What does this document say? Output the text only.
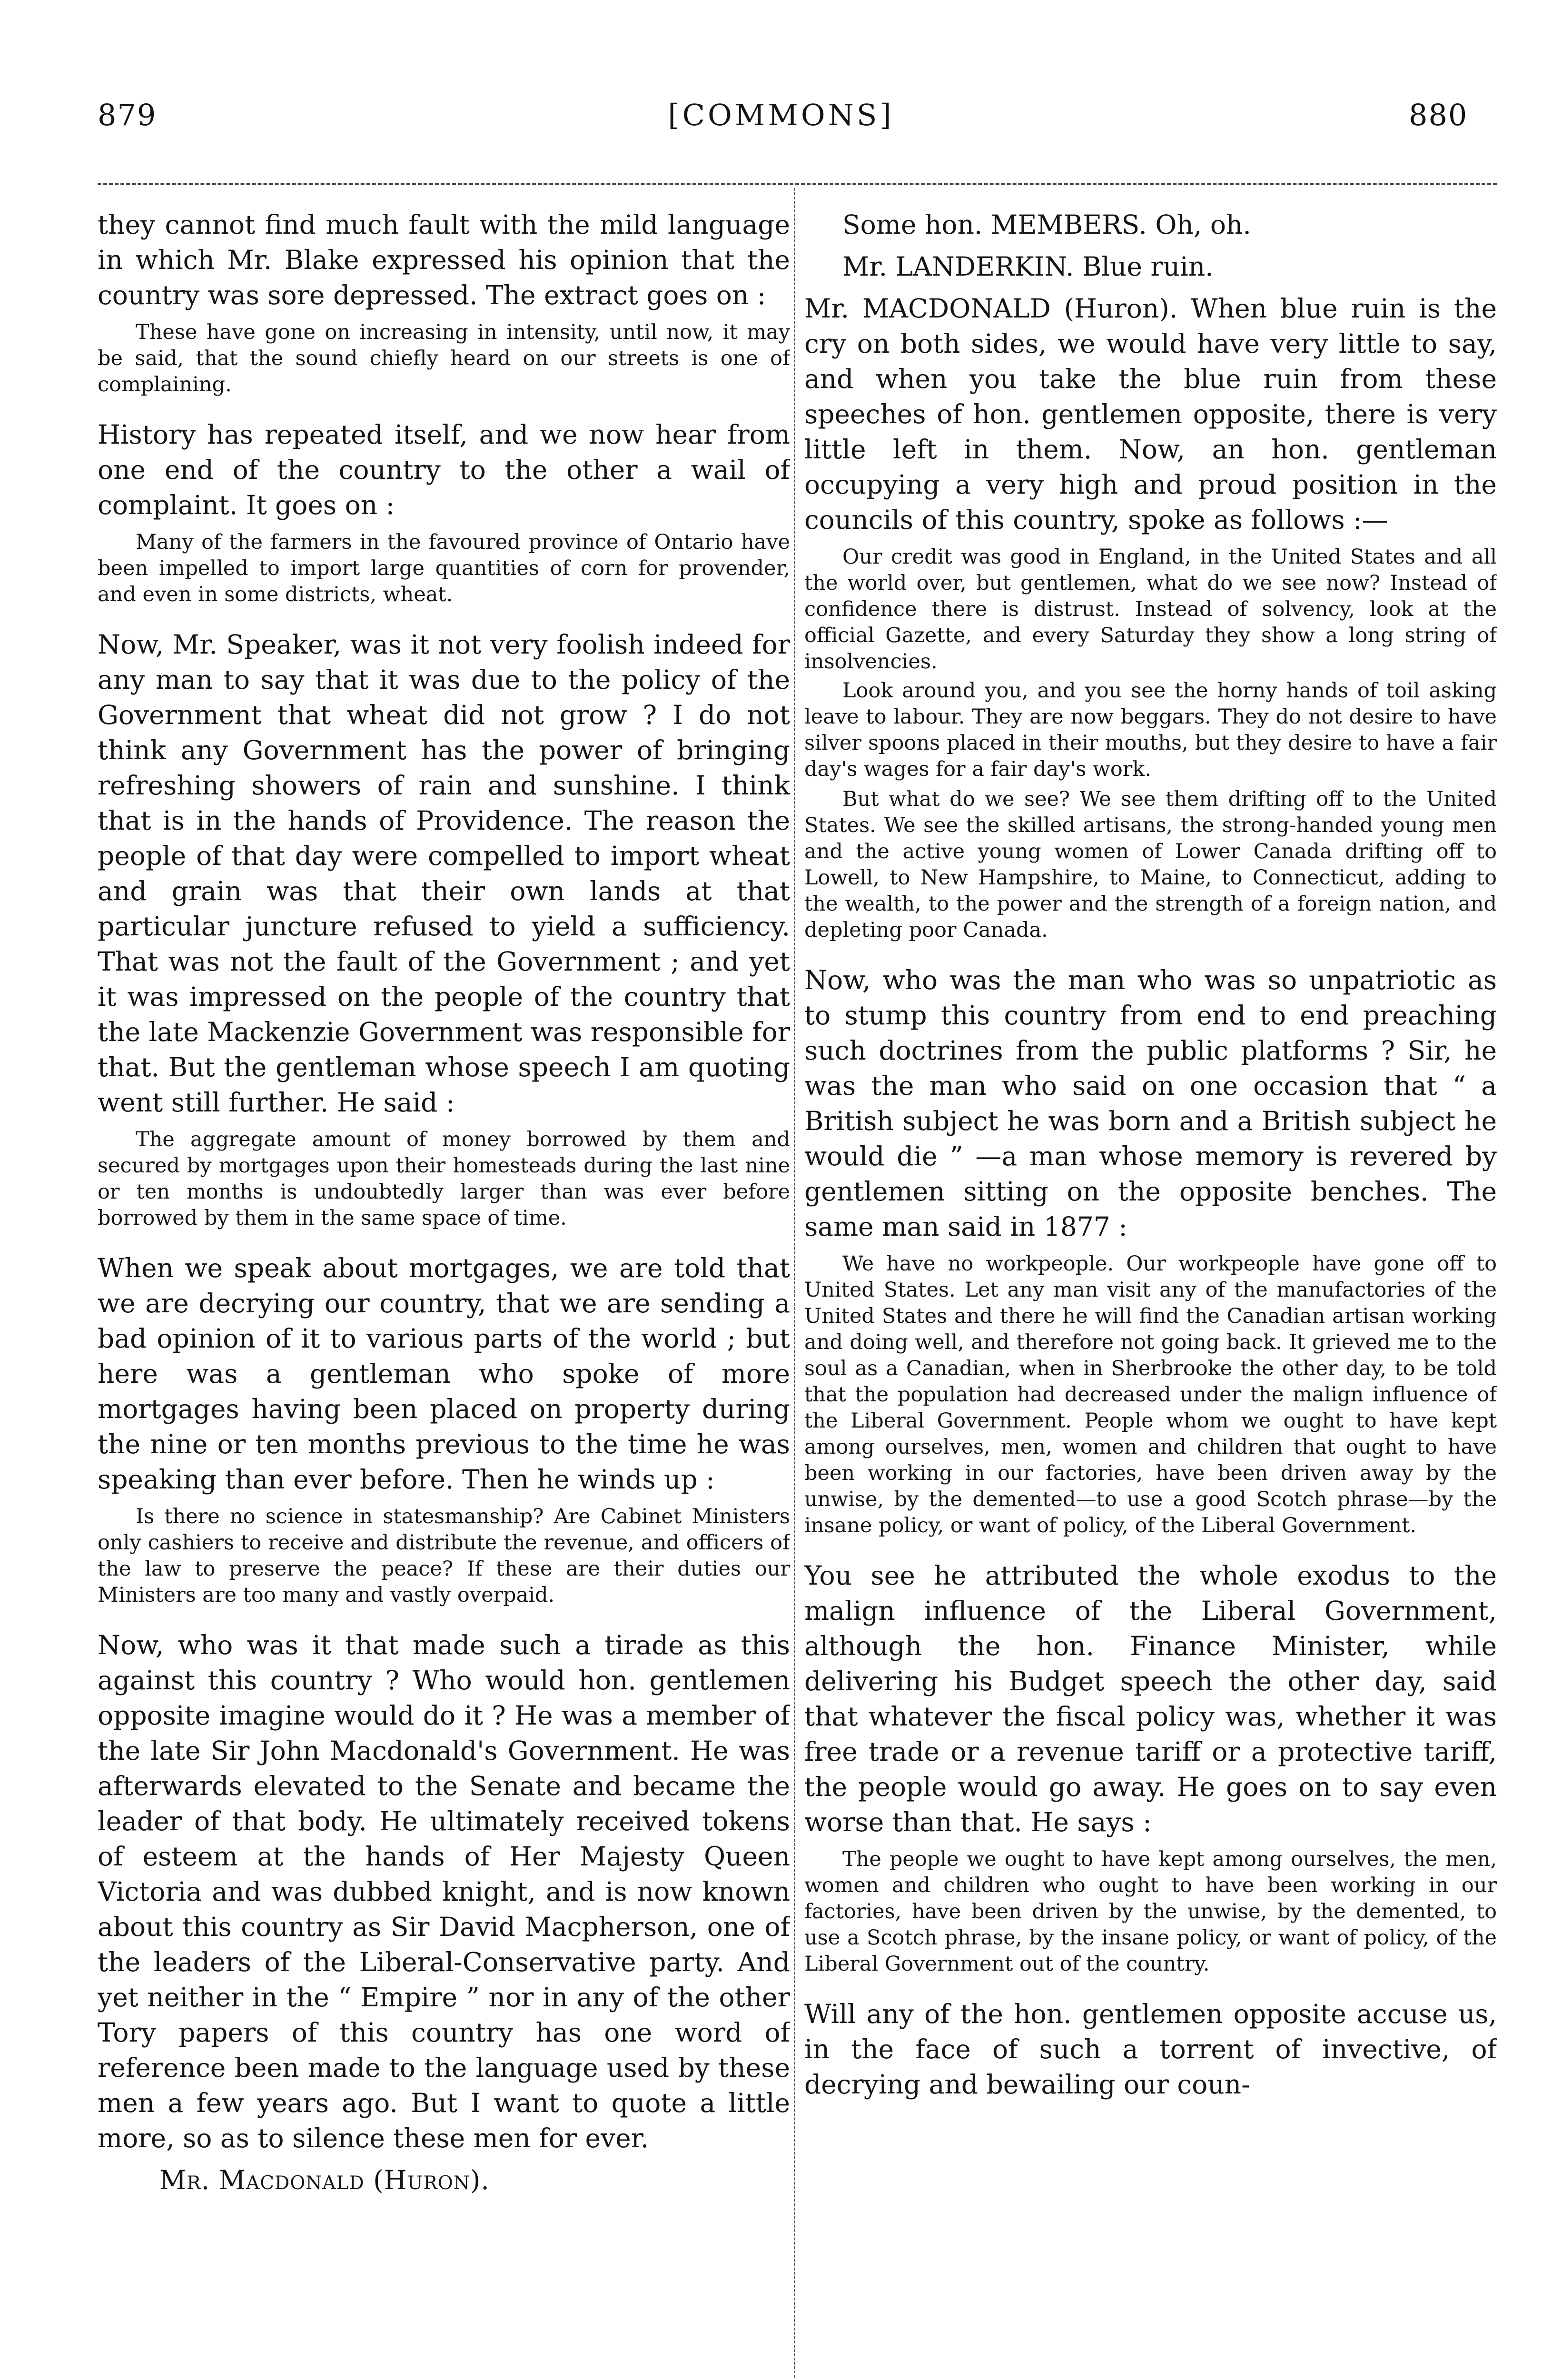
879	[COMMONS]	880

they cannot find much fault with the mild language in which Mr. Blake expressed his opinion that the country was sore depressed. The extract goes on :

These have gone on increasing in intensity, until now, it may be said, that the sound chiefly heard on our streets is one of complaining.

History has repeated itself, and we now hear from one end of the country to the other a wail of complaint. It goes on :

Many of the farmers in the favoured province of Ontario have been impelled to import large quantities of corn for provender, and even in some districts, wheat.

Now, Mr. Speaker, was it not very foolish indeed for any man to say that it was due to the policy of the Government that wheat did not grow ? I do not think any Government has the power of bringing refreshing showers of rain and sunshine. I think that is in the hands of Providence. The reason the people of that day were compelled to import wheat and grain was that their own lands at that particular juncture refused to yield a sufficiency. That was not the fault of the Government ; and yet it was impressed on the people of the country that the late Mackenzie Government was responsible for that. But the gentleman whose speech I am quoting went still further. He said :

The aggregate amount of money borrowed by them and secured by mortgages upon their homesteads during the last nine or ten months is undoubtedly larger than was ever before borrowed by them in the same space of time.

When we speak about mortgages, we are told that we are decrying our country, that we are sending a bad opinion of it to various parts of the world ; but here was a gentleman who spoke of more mortgages having been placed on property during the nine or ten months previous to the time he was speaking than ever before. Then he winds up :

Is there no science in statesmanship? Are Cabinet Ministers only cashiers to receive and distribute the revenue, and officers of the law to preserve the peace? If these are their duties our Ministers are too many and vastly overpaid.

Now, who was it that made such a tirade as this against this country ? Who would hon. gentlemen opposite imagine would do it ? He was a member of the late Sir John Macdonald's Government. He was afterwards elevated to the Senate and became the leader of that body. He ultimately received tokens of esteem at the hands of Her Majesty Queen Victoria and was dubbed knight, and is now known about this country as Sir David Macpherson, one of the leaders of the Liberal-Conservative party. And yet neither in the “ Empire ” nor in any of the other Tory papers of this country has one word of reference been made to the language used by these men a few years ago. But I want to quote a little more, so as to silence these men for ever.

Mr. Macdonald (Huron).

Some hon. MEMBERS. Oh, oh.

Mr. LANDERKIN. Blue ruin.

Mr. MACDONALD (Huron). When blue ruin is the cry on both sides, we would have very little to say, and when you take the blue ruin from these speeches of hon. gentlemen opposite, there is very little left in them. Now, an hon. gentleman occupying a very high and proud position in the councils of this country, spoke as follows :—

Our credit was good in England, in the United States and all the world over, but gentlemen, what do we see now? Instead of confidence there is distrust. Instead of solvency, look at the official Gazette, and every Saturday they show a long string of insolvencies.

Look around you, and you see the horny hands of toil asking leave to labour. They are now beggars. They do not desire to have silver spoons placed in their mouths, but they desire to have a fair day's wages for a fair day's work.

But what do we see? We see them drifting off to the United States. We see the skilled artisans, the strong-handed young men and the active young women of Lower Canada drifting off to Lowell, to New Hampshire, to Maine, to Connecticut, adding to the wealth, to the power and the strength of a foreign nation, and depleting poor Canada.

Now, who was the man who was so unpatriotic as to stump this country from end to end preaching such doctrines from the public platforms ? Sir, he was the man who said on one occasion that “ a British subject he was born and a British subject he would die ” —a man whose memory is revered by gentlemen sitting on the opposite benches. The same man said in 1877 :

We have no workpeople. Our workpeople have gone off to United States. Let any man visit any of the manufactories of the United States and there he will find the Canadian artisan working and doing well, and therefore not going back. It grieved me to the soul as a Canadian, when in Sherbrooke the other day, to be told that the population had decreased under the malign influence of the Liberal Government. People whom we ought to have kept among ourselves, men, women and children that ought to have been working in our factories, have been driven away by the unwise, by the demented—to use a good Scotch phrase—by the insane policy, or want of policy, of the Liberal Government.

You see he attributed the whole exodus to the malign influence of the Liberal Government, although the hon. Finance Minister, while delivering his Budget speech the other day, said that whatever the fiscal policy was, whether it was free trade or a revenue tariff or a protective tariff, the people would go away. He goes on to say even worse than that. He says :

The people we ought to have kept among ourselves, the men, women and children who ought to have been working in our factories, have been driven by the unwise, by the demented, to use a Scotch phrase, by the insane policy, or want of policy, of the Liberal Government out of the country.

Will any of the hon. gentlemen opposite accuse us, in the face of such a torrent of invective, of decrying and bewailing our coun-
